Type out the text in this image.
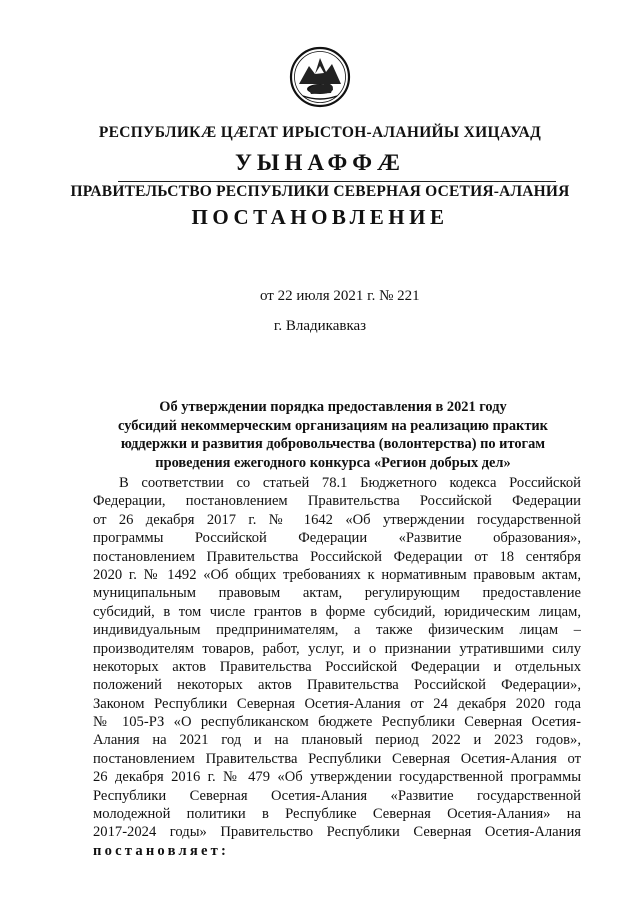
РЕСПУБЛИКӔ ЦӔГАТ ИРЫСТОН-АЛАНИЙЫ ХИЦАУАД
УЫНАФФӔ
ПРАВИТЕЛЬСТВО РЕСПУБЛИКИ СЕВЕРНАЯ ОСЕТИЯ-АЛАНИЯ
ПОСТАНОВЛЕНИЕ
от 22 июля 2021 г. № 221
г. Владикавказ
Об утверждении порядка предоставления в 2021 году
субсидий некоммерческим организациям на реализацию практик
юддержки и развития добровольчества (волонтерства) по итогам
проведения ежегодного конкурса «Регион добрых дел»
В соответствии со статьей 78.1 Бюджетного кодекса Российской
Федерации, постановлением Правительства Российской Федерации
от 26 декабря 2017 г. № 1642 «Об утверждении государственной
программы Российской Федерации «Развитие образования»,
постановлением Правительства Российской Федерации от 18 сентября
2020 г. № 1492 «Об общих требованиях к нормативным правовым актам,
муниципальным правовым актам, регулирующим предоставление
субсидий, в том числе грантов в форме субсидий, юридическим лицам,
индивидуальным предпринимателям, а также физическим лицам –
производителям товаров, работ, услуг, и о признании утратившими силу
некоторых актов Правительства Российской Федерации и отдельных
положений некоторых актов Правительства Российской Федерации»,
Законом Республики Северная Осетия-Алания от 24 декабря 2020 года
№ 105-РЗ «О республиканском бюджете Республики Северная Осетия-
Алания на 2021 год и на плановый период 2022 и 2023 годов»,
постановлением Правительства Республики Северная Осетия-Алания от
26 декабря 2016 г. № 479 «Об утверждении государственной программы
Республики Северная Осетия-Алания «Развитие государственной
молодежной политики в Республике Северная Осетия-Алания» на
2017-2024 годы» Правительство Республики Северная Осетия-Алания
постановляет:
